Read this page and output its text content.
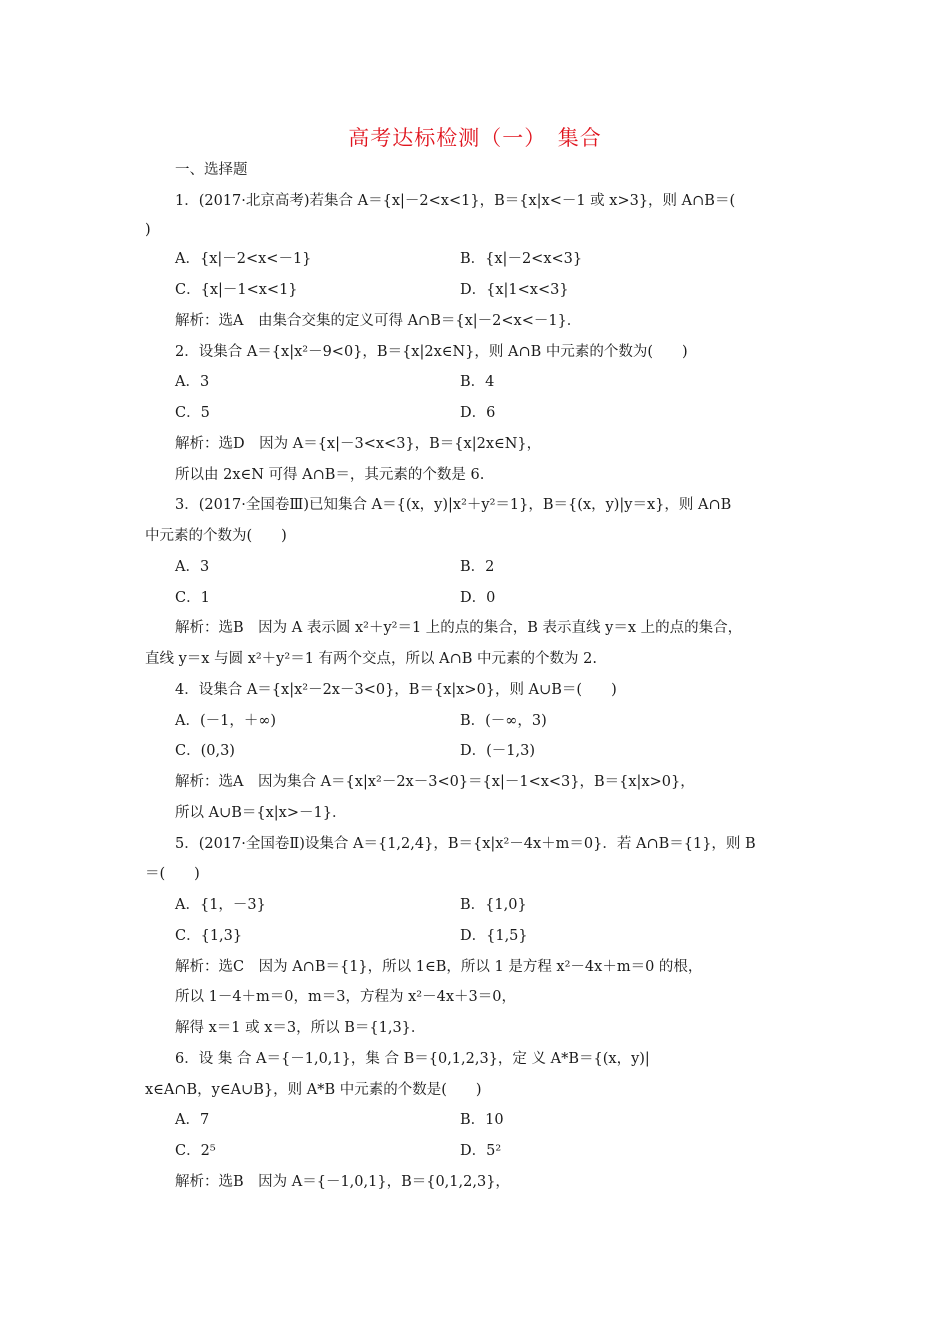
高考达标检测（一）　集合
一、选择题
1．(2017·北京高考)若集合 A＝{x|－2<x<1}，B＝{x|x<－1 或 x>3}，则 A∩B＝(
)
A．{x|－2<x<－1}	B．{x|－2<x<3}
C．{x|－1<x<1}	D．{x|1<x<3}
解析：选A　由集合交集的定义可得 A∩B＝{x|－2<x<－1}．
2．设集合 A＝{x|x²－9<0}，B＝{x|2x∈N}，则 A∩B 中元素的个数为(　　)
A．3	B．4
C．5	D．6
解析：选D　因为 A＝{x|－3<x<3}，B＝{x|2x∈N}，
所以由 2x∈N 可得 A∩B＝，其元素的个数是 6.
3．(2017·全国卷Ⅲ)已知集合 A＝{(x，y)|x²＋y²＝1}，B＝{(x，y)|y＝x}，则 A∩B
中元素的个数为(　　)
A．3	B．2
C．1	D．0
解析：选B　因为 A 表示圆 x²＋y²＝1 上的点的集合，B 表示直线 y＝x 上的点的集合，
直线 y＝x 与圆 x²＋y²＝1 有两个交点，所以 A∩B 中元素的个数为 2.
4．设集合 A＝{x|x²－2x－3<0}，B＝{x|x>0}，则 A∪B＝(　　)
A．(－1，＋∞)	B．(－∞，3)
C．(0,3)	D．(－1,3)
解析：选A　因为集合 A＝{x|x²－2x－3<0}＝{x|－1<x<3}，B＝{x|x>0}，
所以 A∪B＝{x|x>－1}．
5．(2017·全国卷Ⅱ)设集合 A＝{1,2,4}，B＝{x|x²－4x＋m＝0}．若 A∩B＝{1}，则 B
＝(　　)
A．{1，－3}	B．{1,0}
C．{1,3}	D．{1,5}
解析：选C　因为 A∩B＝{1}，所以 1∈B，所以 1 是方程 x²－4x＋m＝0 的根，
所以 1－4＋m＝0，m＝3，方程为 x²－4x＋3＝0，
解得 x＝1 或 x＝3，所以 B＝{1,3}．
6．设 集 合 A＝{－1,0,1}，集 合 B＝{0,1,2,3}，定 义 A*B＝{(x，y)|
x∈A∩B，y∈A∪B}，则 A*B 中元素的个数是(　　)
A．7	B．10
C．2⁵	D．5²
解析：选B　因为 A＝{－1,0,1}，B＝{0,1,2,3}，
